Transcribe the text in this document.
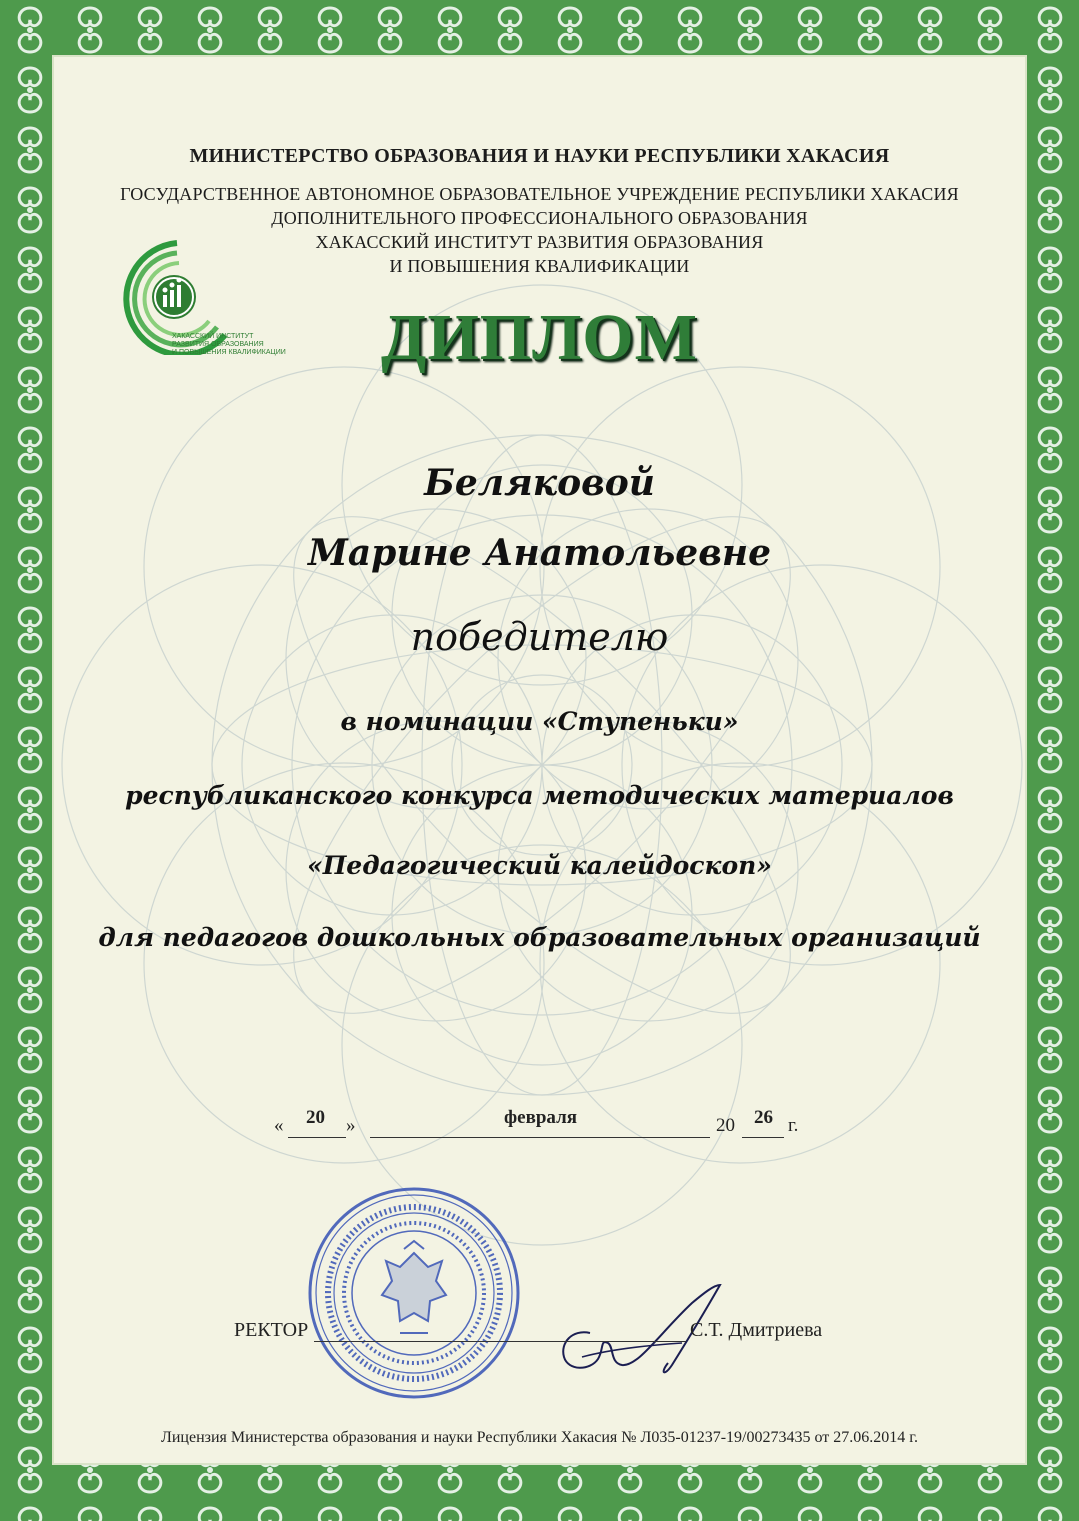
МИНИСТЕРСТВО ОБРАЗОВАНИЯ И НАУКИ РЕСПУБЛИКИ ХАКАСИЯ
ГОСУДАРСТВЕННОЕ АВТОНОМНОЕ ОБРАЗОВАТЕЛЬНОЕ УЧРЕЖДЕНИЕ РЕСПУБЛИКИ ХАКАСИЯ
ДОПОЛНИТЕЛЬНОГО ПРОФЕССИОНАЛЬНОГО ОБРАЗОВАНИЯ
ХАКАССКИЙ ИНСТИТУТ РАЗВИТИЯ ОБРАЗОВАНИЯ
И ПОВЫШЕНИЯ КВАЛИФИКАЦИИ
ХАКАССКИЙ ИНСТИТУТ
РАЗВИТИЯ ОБРАЗОВАНИЯ
И ПОВЫШЕНИЯ КВАЛИФИКАЦИИ	ДИПЛОМ
Беляковой
Марине Анатольевне
победителю
в номинации «Ступеньки»
республиканского конкурса методических материалов
«Педагогический калейдоскоп»
для педагогов дошкольных образовательных организаций
« 20 »	февраля	20 26 г.
РЕКТОР	С.Т. Дмитриева
Лицензия Министерства образования и науки Республики Хакасия № Л035-01237-19/00273435 от 27.06.2014 г.
